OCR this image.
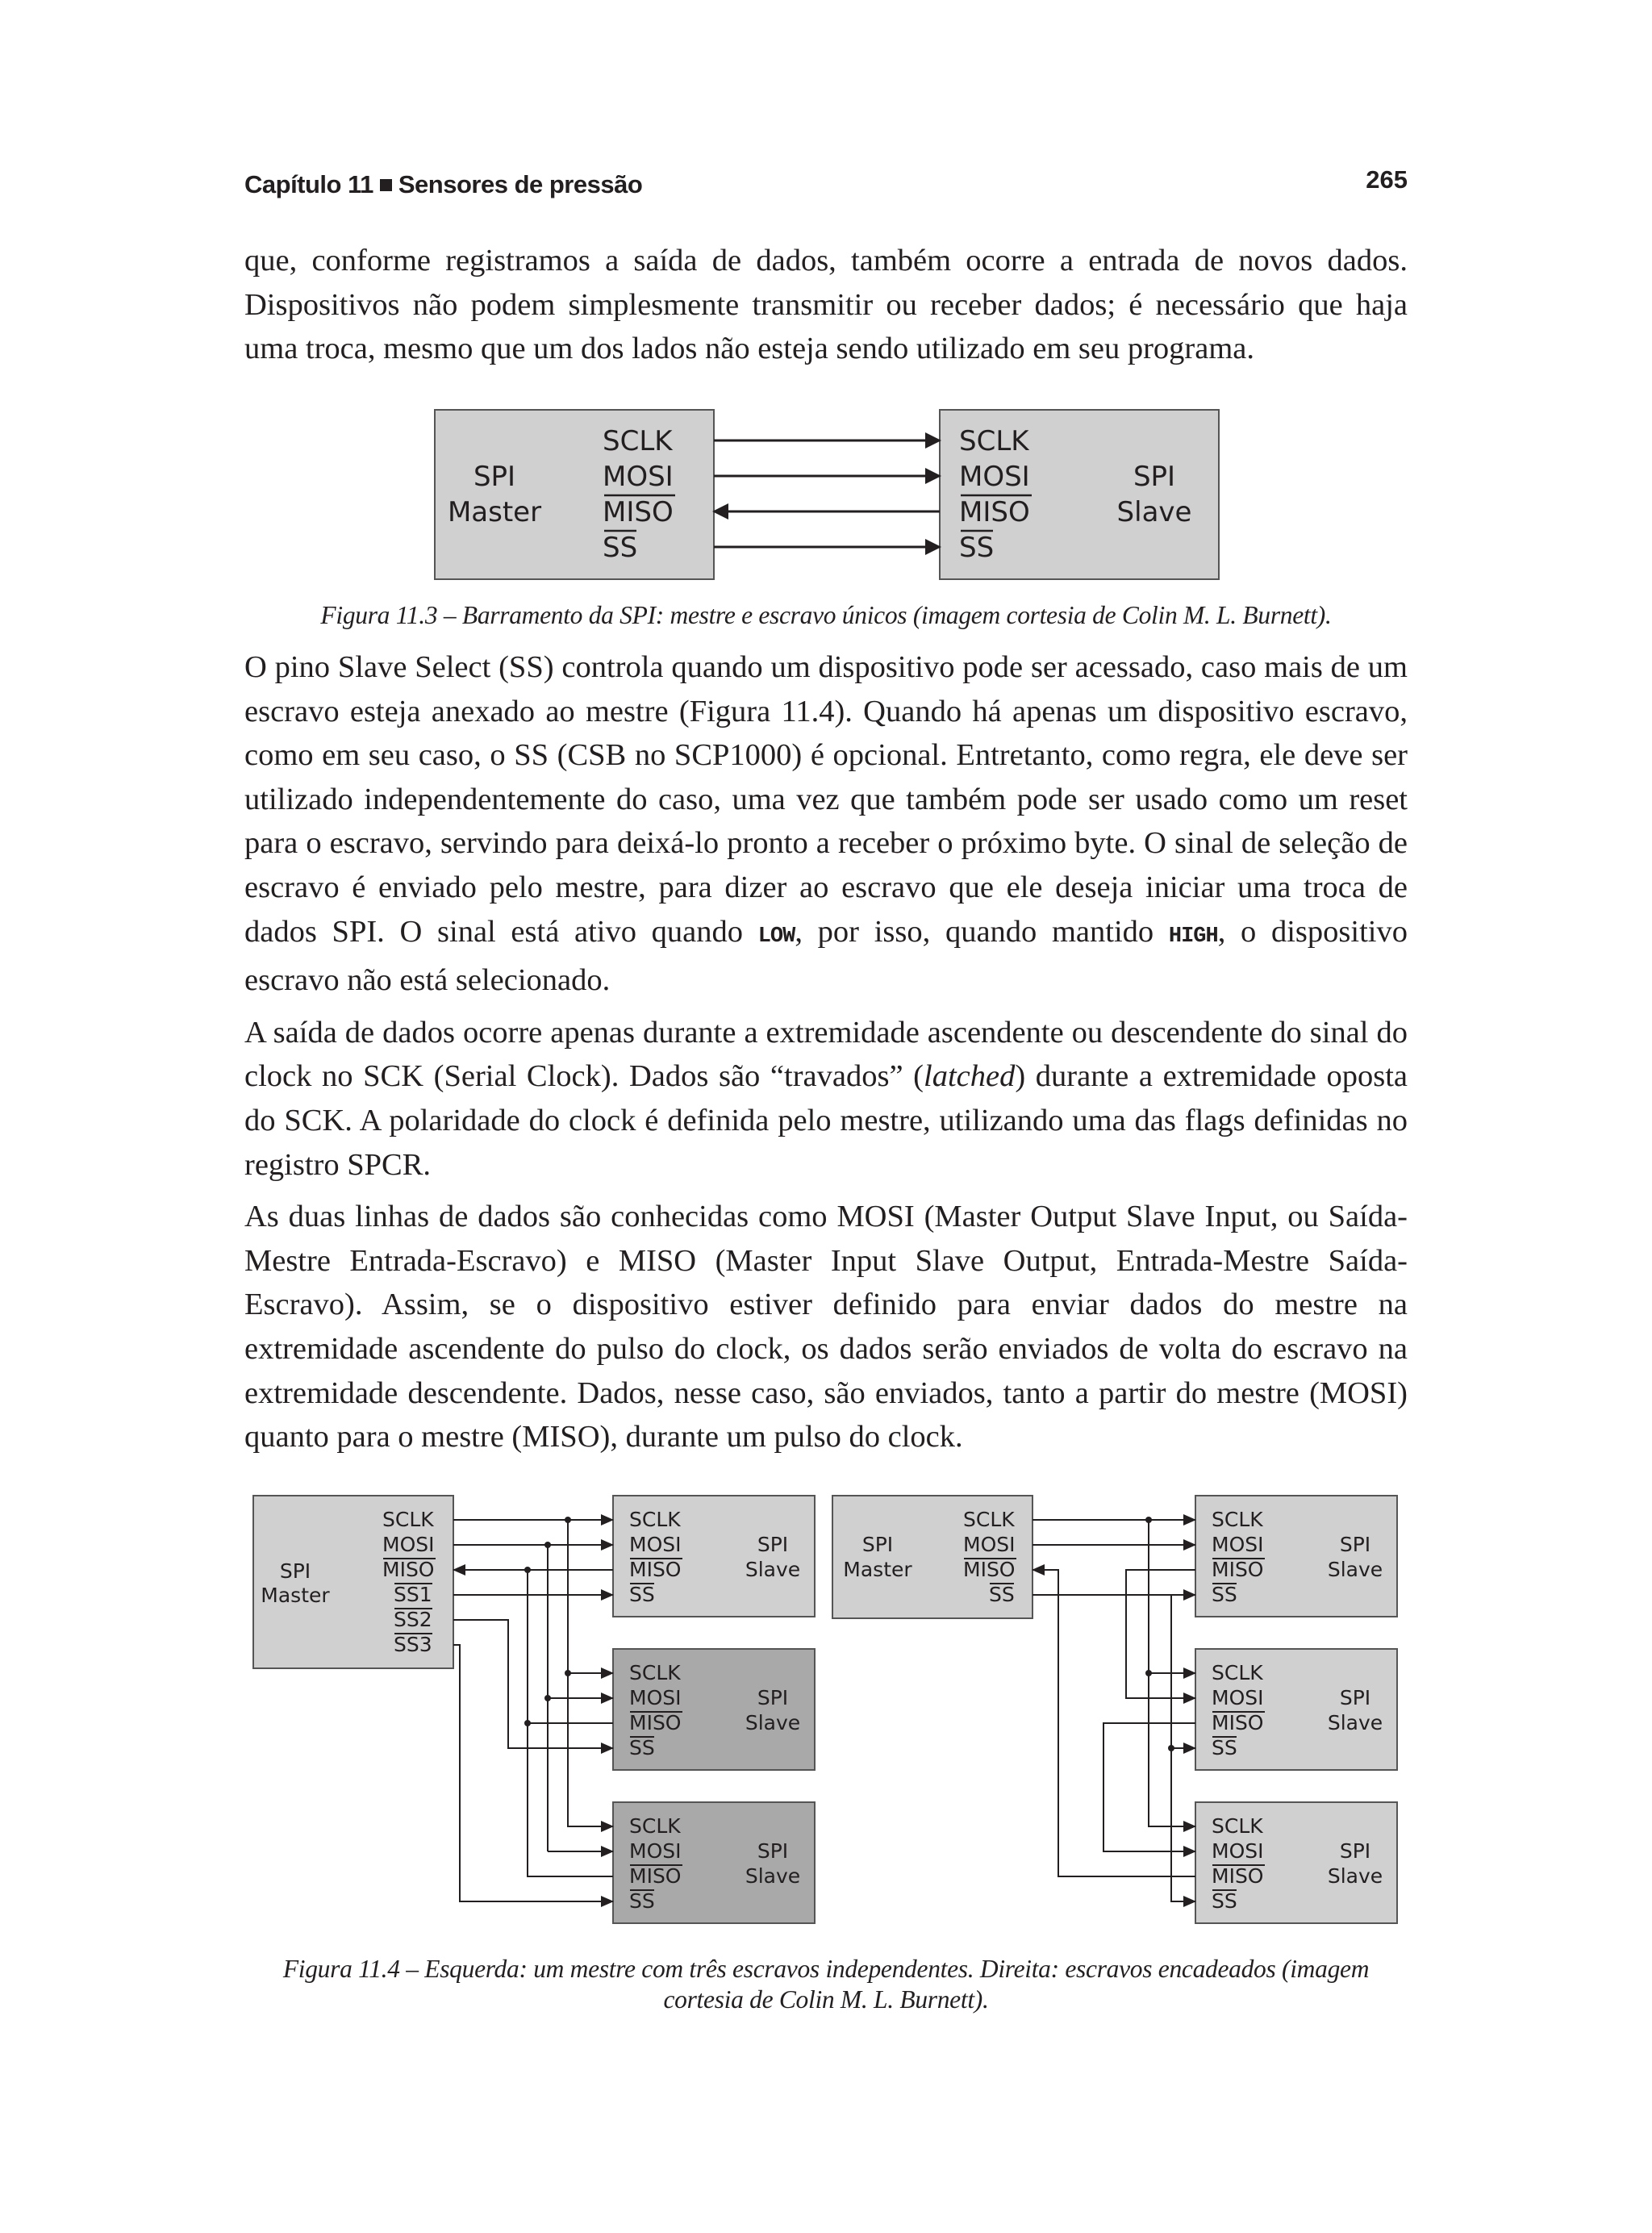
Capítulo 11 Sensores de pressão	265

que, conforme registramos a saída de dados, também ocorre a entrada de novos dados. Dispositivos não podem simplesmente transmitir ou receber dados; é necessário que haja uma troca, mesmo que um dos lados não esteja sendo utilizado em seu programa.

SPI
Master
SCLK
MOSI
MISO
SS
SCLK
MOSI
MISO
SS
SPI
Slave
Figura 11.3 – Barramento da SPI: mestre e escravo únicos (imagem cortesia de Colin M. L. Burnett).

O pino Slave Select (SS) controla quando um dispositivo pode ser acessado, caso mais de um escravo esteja anexado ao mestre (Figura 11.4). Quando há apenas um dispositivo escravo, como em seu caso, o SS (CSB no SCP1000) é opcional. Entretanto, como regra, ele deve ser utilizado independentemente do caso, uma vez que também pode ser usado como um reset para o escravo, servindo para deixá-lo pronto a receber o próximo byte. O sinal de seleção de escravo é enviado pelo mestre, para dizer ao escravo que ele deseja iniciar uma troca de dados SPI. O sinal está ativo quando LOW, por isso, quando mantido HIGH, o dispositivo escravo não está selecionado.

A saída de dados ocorre apenas durante a extremidade ascendente ou descendente do sinal do clock no SCK (Serial Clock). Dados são “travados” (latched) durante a extremidade oposta do SCK. A polaridade do clock é definida pelo mestre, utilizando uma das flags definidas no registro SPCR.

As duas linhas de dados são conhecidas como MOSI (Master Output Slave Input, ou Saída-Mestre Entrada-Escravo) e MISO (Master Input Slave Output, Entrada-Mestre Saída-Escravo). Assim, se o dispositivo estiver definido para enviar dados do mestre na extremidade ascendente do pulso do clock, os dados serão enviados de volta do escravo na extremidade descendente. Dados, nesse caso, são enviados, tanto a partir do mestre (MOSI) quanto para o mestre (MISO), durante um pulso do clock.

SPI
Master
SCLK
MOSI
MISO
SS1
SS2
SS3
SCLK
MOSI
MISO
SS
SPI
Slave
SCLK
MOSI
MISO
SS
SPI
Slave
SCLK
MOSI
MISO
SS
SPI
Slave
SPI
Master
SCLK
MOSI
MISO
SS
SCLK
MOSI
MISO
SS
SPI
Slave
SCLK
MOSI
MISO
SS
SPI
Slave
SCLK
MOSI
MISO
SS
SPI
Slave
Figura 11.4 – Esquerda: um mestre com três escravos independentes. Direita: escravos encadeados (imagem
cortesia de Colin M. L. Burnett).
